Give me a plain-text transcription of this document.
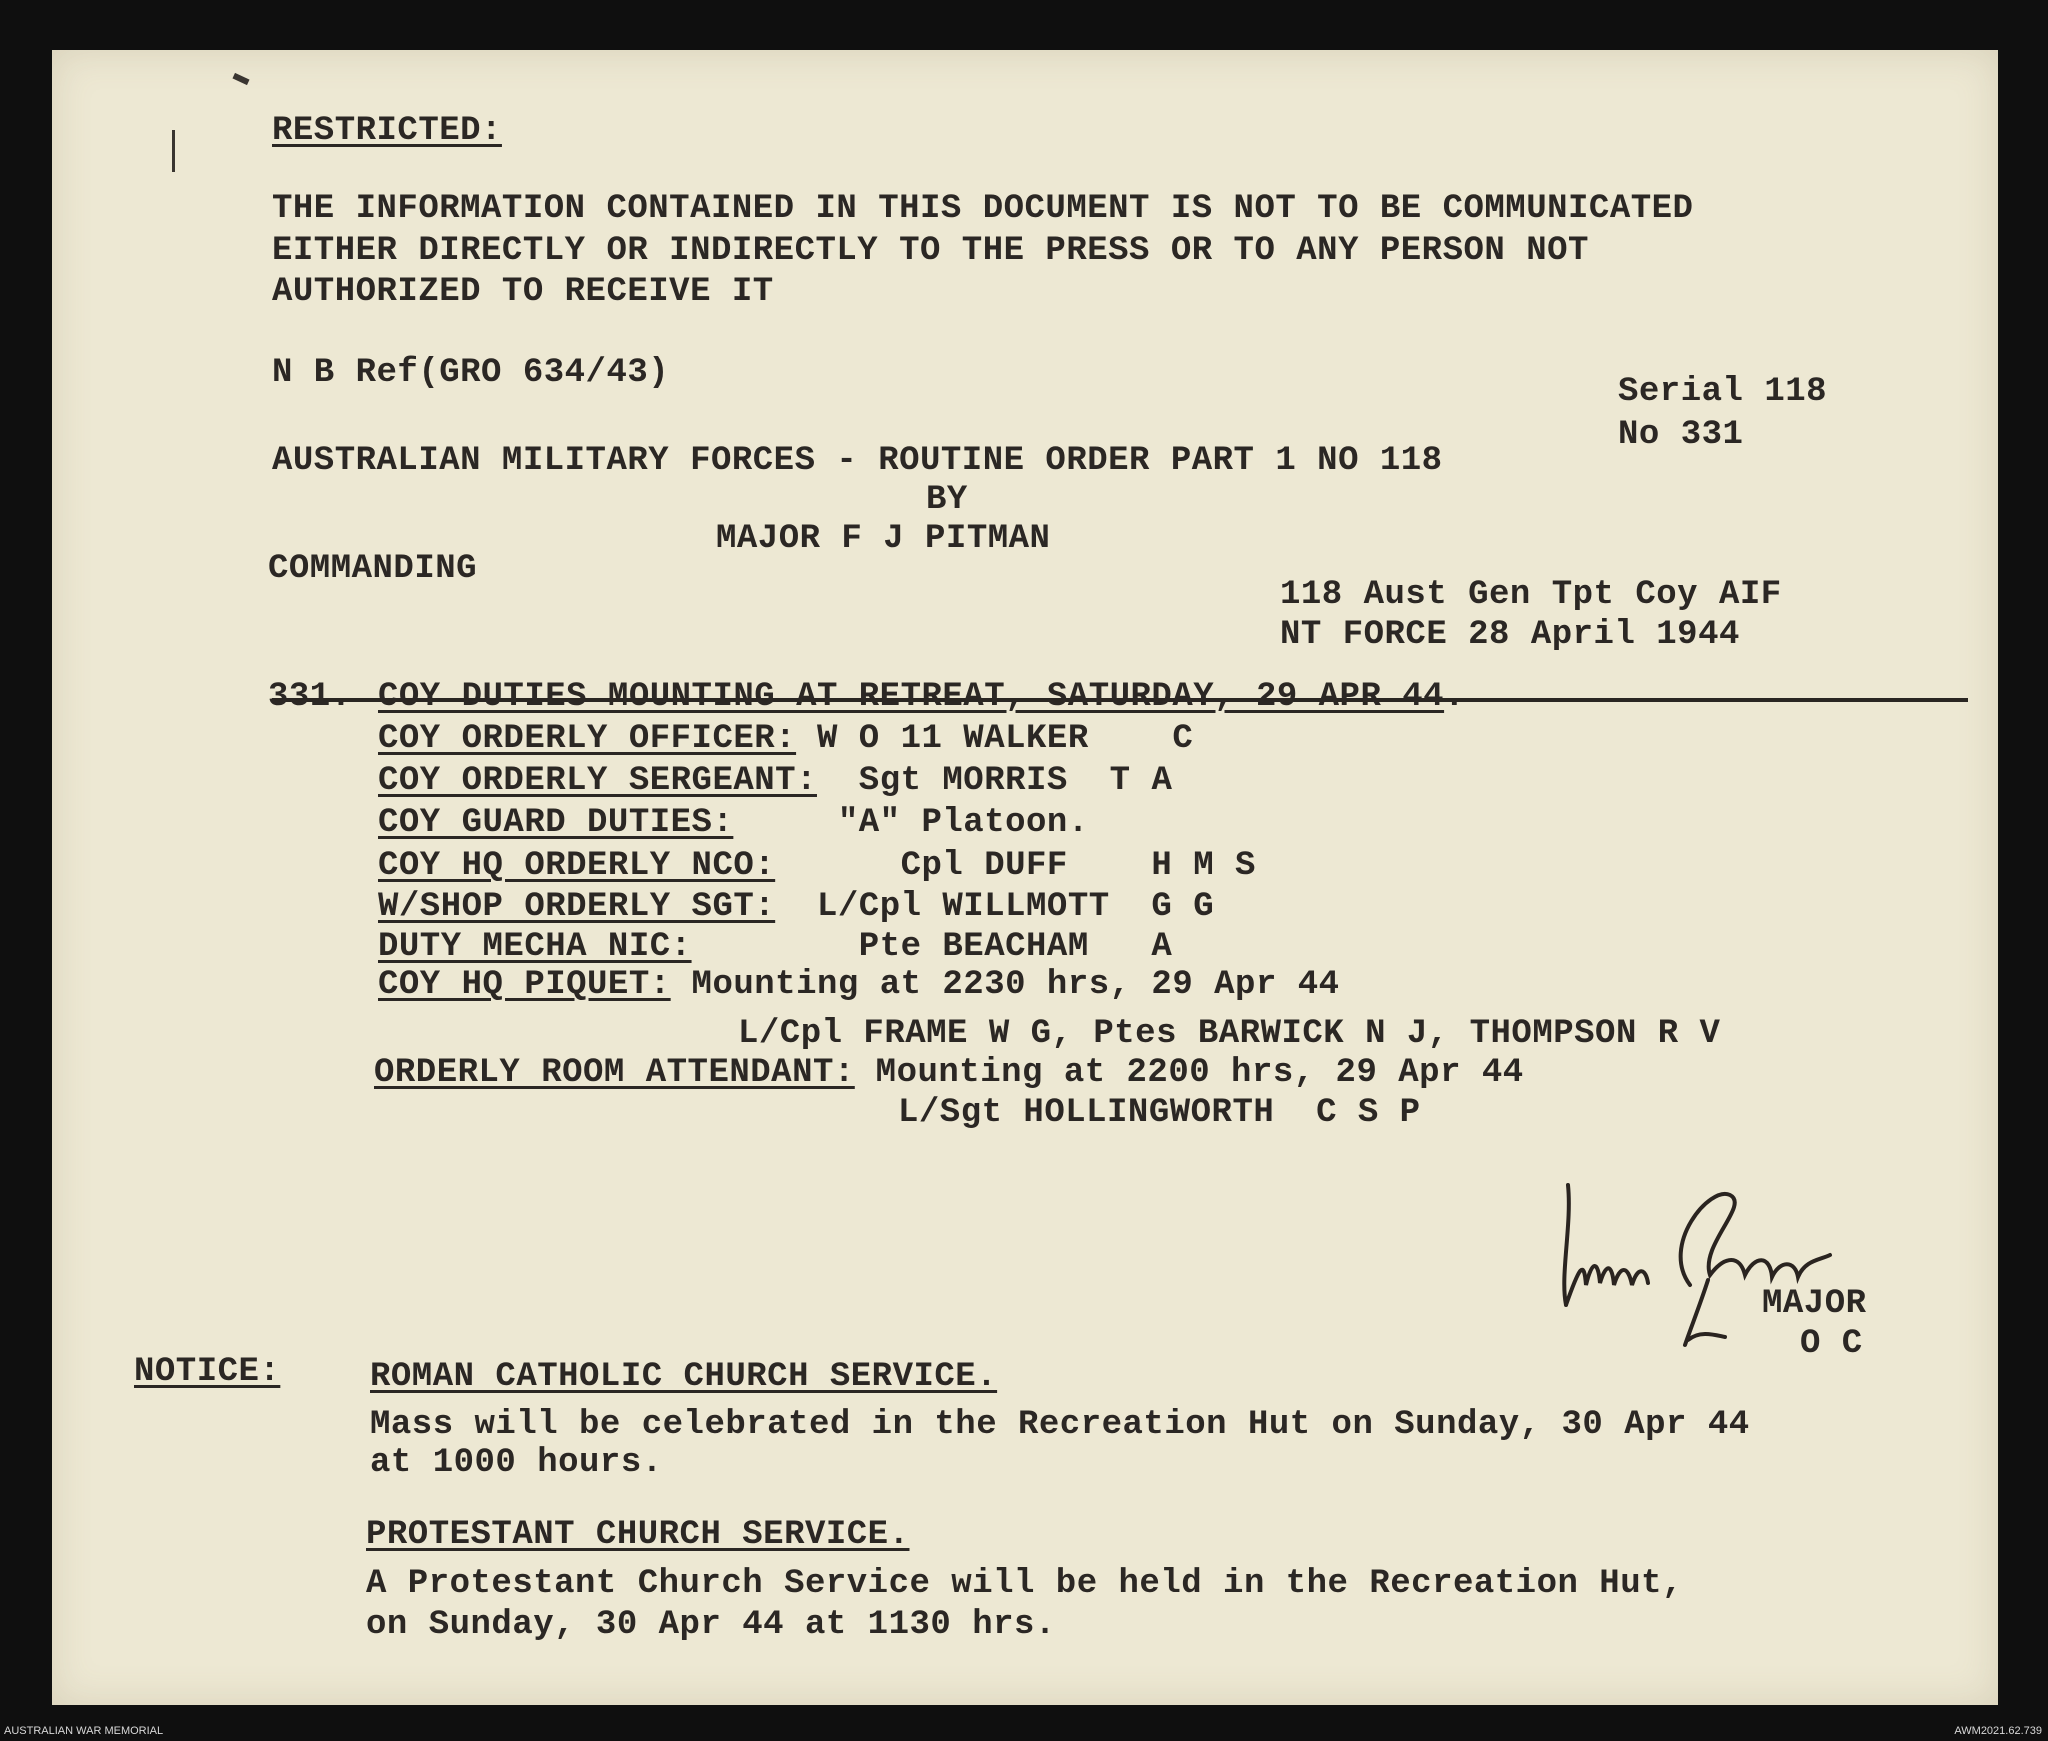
RESTRICTED:
THE INFORMATION CONTAINED IN THIS DOCUMENT IS NOT TO BE COMMUNICATED
EITHER DIRECTLY OR INDIRECTLY TO THE PRESS OR TO ANY PERSON NOT
AUTHORIZED TO RECEIVE IT
N B Ref(GRO 634/43)	Serial 118
No 331
AUSTRALIAN MILITARY FORCES - ROUTINE ORDER PART 1 NO 118
BY
MAJOR F J PITMAN
COMMANDING
118 Aust Gen Tpt Coy AIF
NT FORCE 28 April 1944
331. COY DUTIES MOUNTING AT RETREAT, SATURDAY, 29 APR 44.
COY ORDERLY OFFICER: W O 11 WALKER    C
COY ORDERLY SERGEANT:  Sgt MORRIS  T A
COY GUARD DUTIES:     "A" Platoon.
COY HQ ORDERLY NCO:      Cpl DUFF    H M S
W/SHOP ORDERLY SGT:  L/Cpl WILLMOTT  G G
DUTY MECHA NIC:        Pte BEACHAM   A
COY HQ PIQUET: Mounting at 2230 hrs, 29 Apr 44
L/Cpl FRAME W G, Ptes BARWICK N J, THOMPSON R V
ORDERLY ROOM ATTENDANT: Mounting at 2200 hrs, 29 Apr 44
L/Sgt HOLLINGWORTH  C S P
MAJOR
O C
NOTICE:	ROMAN CATHOLIC CHURCH SERVICE.
Mass will be celebrated in the Recreation Hut on Sunday, 30 Apr 44
at 1000 hours.
PROTESTANT CHURCH SERVICE.
A Protestant Church Service will be held in the Recreation Hut,
on Sunday, 30 Apr 44 at 1130 hrs.
AUSTRALIAN WAR MEMORIAL	AWM2021.62.739
